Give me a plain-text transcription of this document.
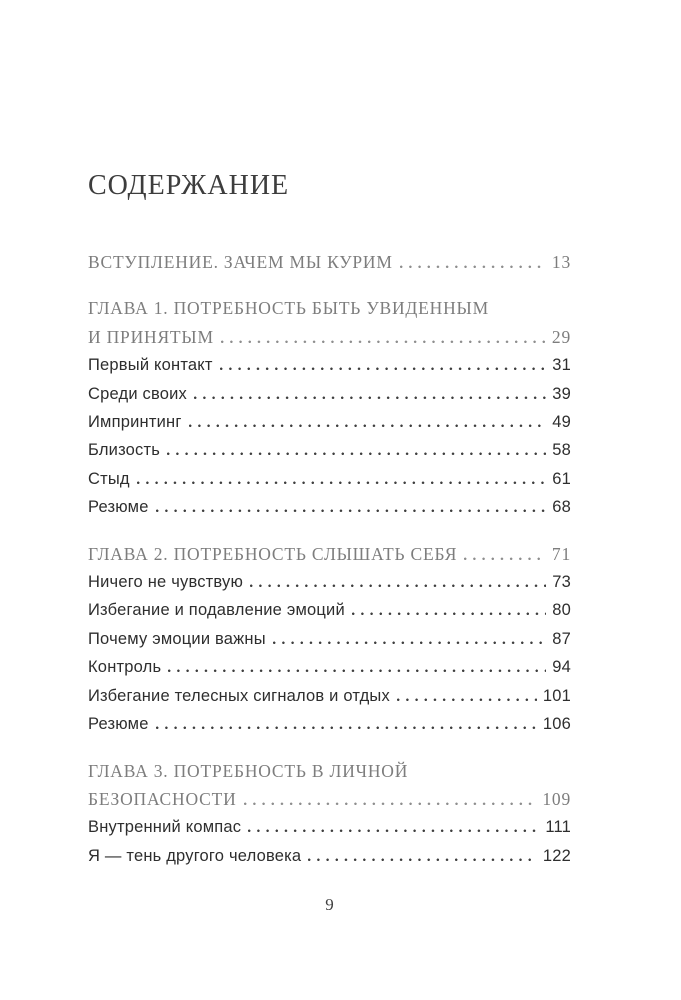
СОДЕРЖАНИЕ
ВСТУПЛЕНИЕ. ЗАЧЕМ МЫ КУРИМ	13
ГЛАВА 1. ПОТРЕБНОСТЬ БЫТЬ УВИДЕННЫМ
И ПРИНЯТЫМ	29
Первый контакт	31
Среди своих	39
Импринтинг	49
Близость	58
Стыд	61
Резюме	68
ГЛАВА 2. ПОТРЕБНОСТЬ СЛЫШАТЬ СЕБЯ	71
Ничего не чувствую	73
Избегание и подавление эмоций	80
Почему эмоции важны	87
Контроль	94
Избегание телесных сигналов и отдых	101
Резюме	106
ГЛАВА 3. ПОТРЕБНОСТЬ В ЛИЧНОЙ
БЕЗОПАСНОСТИ	109
Внутренний компас	111
Я — тень другого человека	122
9
